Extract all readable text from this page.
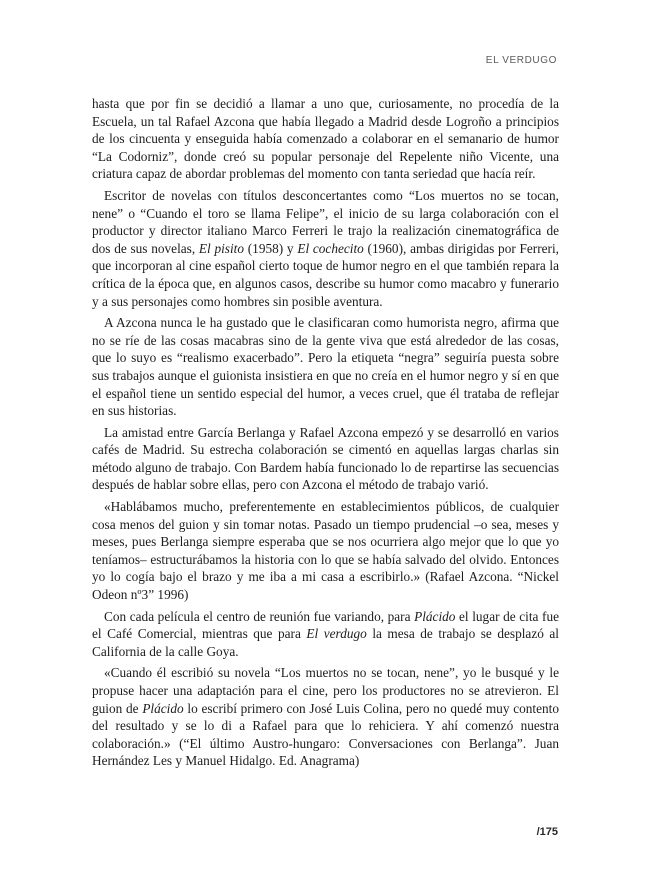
EL VERDUGO

hasta que por fin se decidió a llamar a uno que, curiosamente, no procedía de la Escuela, un tal Rafael Azcona que había llegado a Madrid desde Logroño a principios de los cincuenta y enseguida había comenzado a colaborar en el semanario de humor “La Codorniz”, donde creó su popular personaje del Repelente niño Vicente, una criatura capaz de abordar problemas del momento con tanta seriedad que hacía reír.

Escritor de novelas con títulos desconcertantes como “Los muertos no se tocan, nene” o “Cuando el toro se llama Felipe”, el inicio de su larga colaboración con el productor y director italiano Marco Ferreri le trajo la realización cinematográfica de dos de sus novelas, El pisito (1958) y El cochecito (1960), ambas dirigidas por Ferreri, que incorporan al cine español cierto toque de humor negro en el que también repara la crítica de la época que, en algunos casos, describe su humor como macabro y funerario y a sus personajes como hombres sin posible aventura.

A Azcona nunca le ha gustado que le clasificaran como humorista negro, afirma que no se ríe de las cosas macabras sino de la gente viva que está alrededor de las cosas, que lo suyo es “realismo exacerbado”. Pero la etiqueta “negra” seguiría puesta sobre sus trabajos aunque el guionista insistiera en que no creía en el humor negro y sí en que el español tiene un sentido especial del humor, a veces cruel, que él trataba de reflejar en sus historias.

La amistad entre García Berlanga y Rafael Azcona empezó y se desarrolló en varios cafés de Madrid. Su estrecha colaboración se cimentó en aquellas largas charlas sin método alguno de trabajo. Con Bardem había funcionado lo de repartirse las secuencias después de hablar sobre ellas, pero con Azcona el método de trabajo varió.

«Hablábamos mucho, preferentemente en establecimientos públicos, de cualquier cosa menos del guion y sin tomar notas. Pasado un tiempo prudencial –o sea, meses y meses, pues Berlanga siempre esperaba que se nos ocurriera algo mejor que lo que yo teníamos– estructurábamos la historia con lo que se había salvado del olvido. Entonces yo lo cogía bajo el brazo y me iba a mi casa a escribirlo.» (Rafael Azcona. “Nickel Odeon nº3” 1996)

Con cada película el centro de reunión fue variando, para Plácido el lugar de cita fue el Café Comercial, mientras que para El verdugo la mesa de trabajo se desplazó al California de la calle Goya.

«Cuando él escribió su novela “Los muertos no se tocan, nene”, yo le busqué y le propuse hacer una adaptación para el cine, pero los productores no se atrevieron. El guion de Plácido lo escribí primero con José Luis Colina, pero no quedé muy contento del resultado y se lo di a Rafael para que lo rehiciera. Y ahí comenzó nuestra colaboración.» (“El último Austro-hungaro: Conversaciones con Berlanga”. Juan Hernández Les y Manuel Hidalgo. Ed. Anagrama)

/175
